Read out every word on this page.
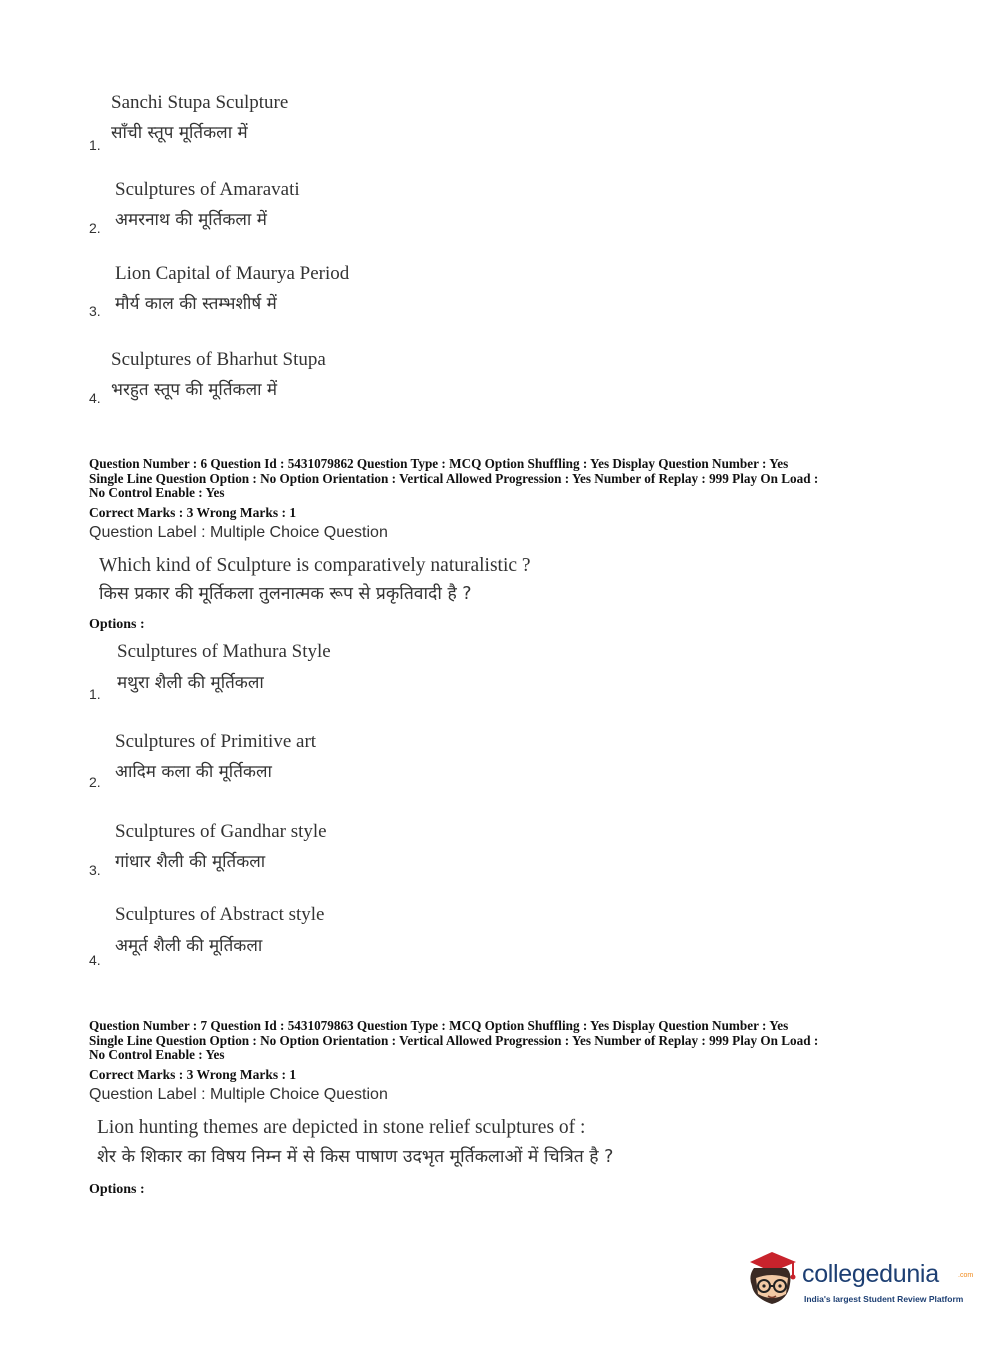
Sanchi Stupa Sculpture
साँची स्तूप मूर्तिकला में
1.
Sculptures of Amaravati
अमरनाथ की मूर्तिकला में
2.
Lion Capital of Maurya Period
मौर्य काल की स्तम्भशीर्ष में
3.
Sculptures of Bharhut Stupa
भरहुत स्तूप की मूर्तिकला में
4.
Question Number : 6 Question Id : 5431079862 Question Type : MCQ Option Shuffling : Yes Display Question Number : Yes
Single Line Question Option : No Option Orientation : Vertical Allowed Progression : Yes Number of Replay : 999 Play On Load :
No Control Enable : Yes
Correct Marks : 3 Wrong Marks : 1
Question Label : Multiple Choice Question
Which kind of Sculpture is comparatively naturalistic ?
किस प्रकार की मूर्तिकला तुलनात्मक रूप से प्रकृतिवादी है ?
Options :
Sculptures of Mathura Style
मथुरा शैली की मूर्तिकला
1.
Sculptures of Primitive art
आदिम कला की मूर्तिकला
2.
Sculptures of Gandhar style
गांधार शैली की मूर्तिकला
3.
Sculptures of Abstract style
अमूर्त शैली की मूर्तिकला
4.
Question Number : 7 Question Id : 5431079863 Question Type : MCQ Option Shuffling : Yes Display Question Number : Yes
Single Line Question Option : No Option Orientation : Vertical Allowed Progression : Yes Number of Replay : 999 Play On Load :
No Control Enable : Yes
Correct Marks : 3 Wrong Marks : 1
Question Label : Multiple Choice Question
Lion hunting themes are depicted in stone relief sculptures of :
शेर के शिकार का विषय निम्न में से किस पाषाण उदभृत मूर्तिकलाओं में चित्रित है ?
Options :
collegedunia	.com
India's largest Student Review Platform
